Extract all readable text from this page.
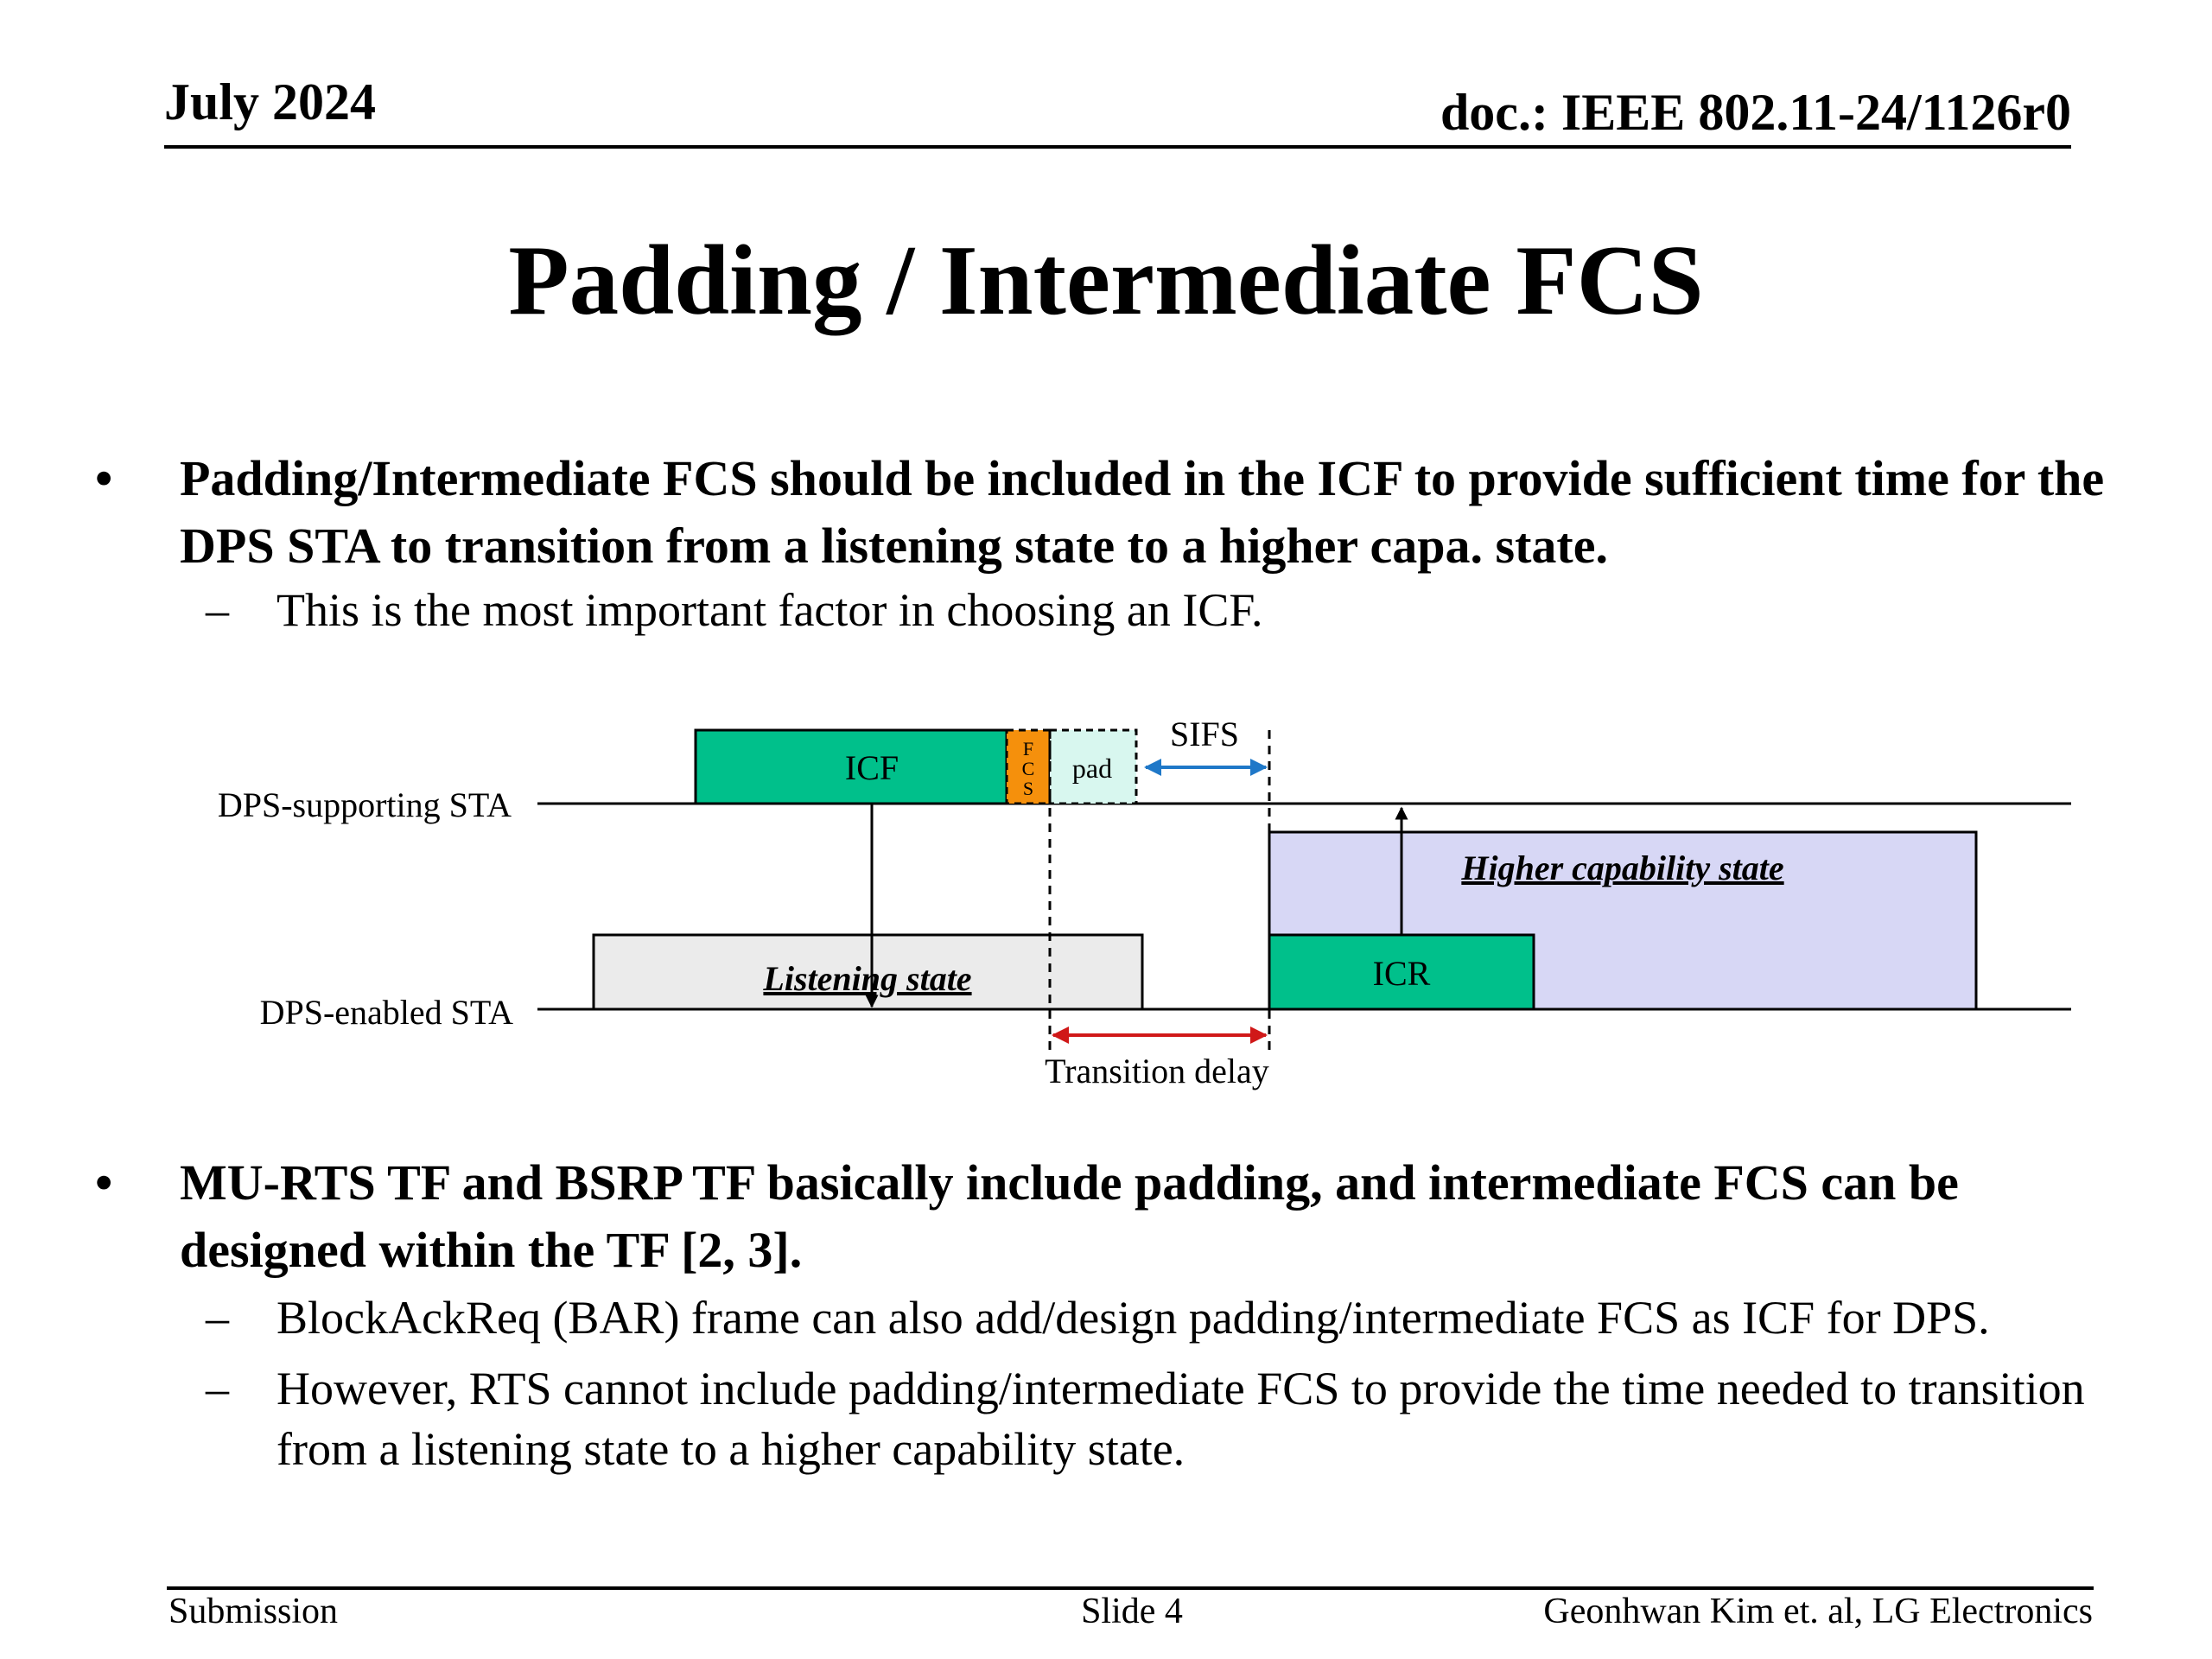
July 2024	doc.: IEEE 802.11-24/1126r0
Padding / Intermediate FCS
•	Padding/Intermediate FCS should be included in the ICF to provide sufficient time for the DPS STA to transition from a listening state to a higher capa. state.
–	This is the most important factor in choosing an ICF.
DPS-supporting STA
DPS-enabled STA
Higher capability state
Listening state	ICR
ICF	F
C
S
pad
SIFS
Transition delay
•	MU-RTS TF and BSRP TF basically include padding, and intermediate FCS can be designed within the TF [2, 3].
–	BlockAckReq (BAR) frame can also add/design padding/intermediate FCS as ICF for DPS.
–	However, RTS cannot include padding/intermediate FCS to provide the time needed to transition from a listening state to a higher capability state.
Submission	Slide 4	Geonhwan Kim et. al, LG Electronics
